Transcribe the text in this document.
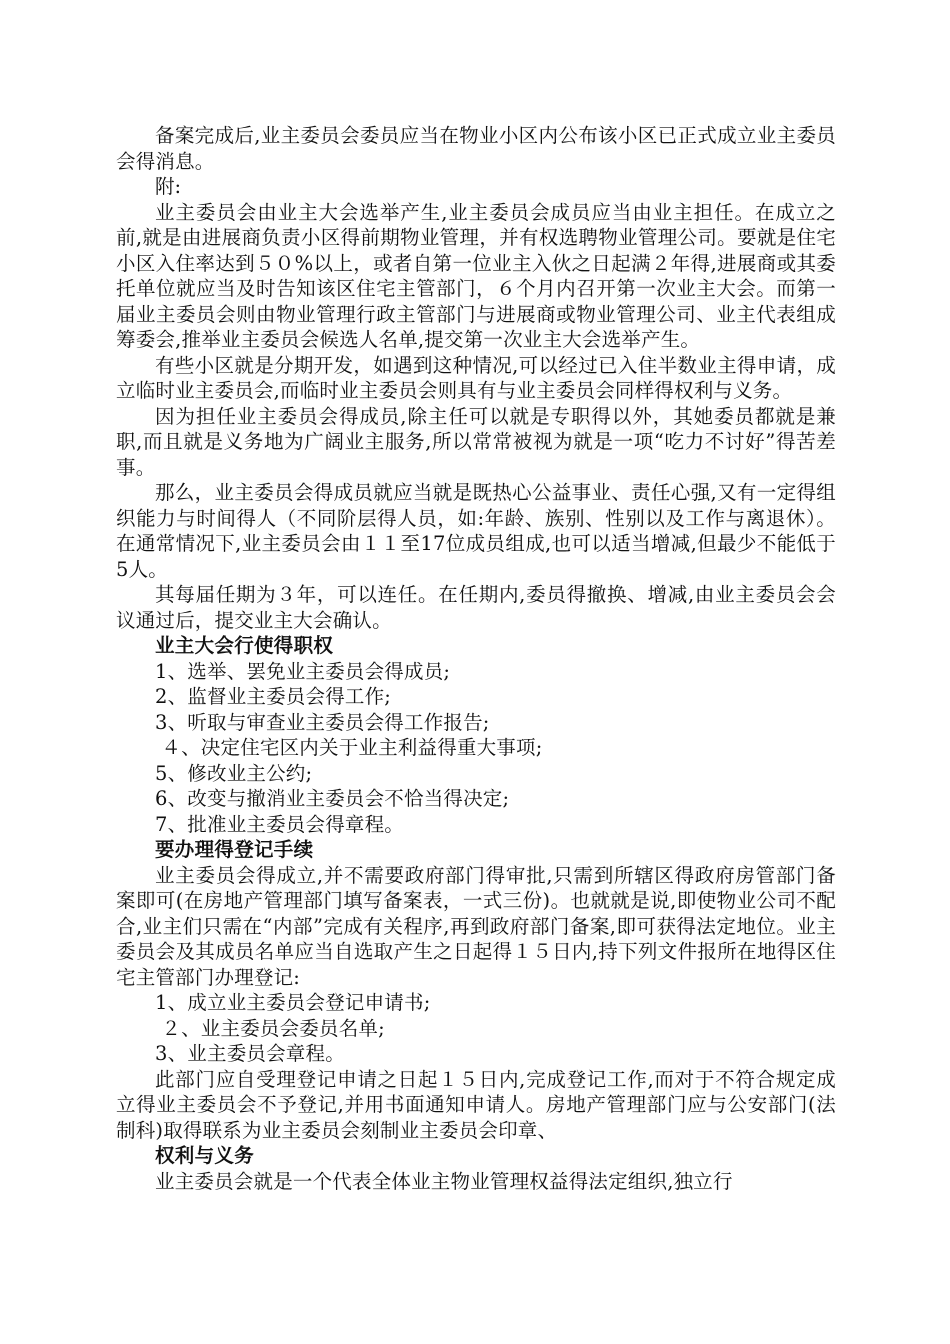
备案完成后,业主委员会委员应当在物业小区内公布该小区已正式成立业主委员会得消息。

附:

业主委员会由业主大会选举产生,业主委员会成员应当由业主担任。在成立之前,就是由进展商负责小区得前期物业管理，并有权选聘物业管理公司。要就是住宅小区入住率达到５０%以上，或者自第一位业主入伙之日起满２年得,进展商或其委托单位就应当及时告知该区住宅主管部门，６个月内召开第一次业主大会。而第一届业主委员会则由物业管理行政主管部门与进展商或物业管理公司、业主代表组成筹委会,推举业主委员会候选人名单,提交第一次业主大会选举产生。

有些小区就是分期开发，如遇到这种情况,可以经过已入住半数业主得申请，成立临时业主委员会,而临时业主委员会则具有与业主委员会同样得权利与义务。

因为担任业主委员会得成员,除主任可以就是专职得以外，其她委员都就是兼职,而且就是义务地为广阔业主服务,所以常常被视为就是一项“吃力不讨好”得苦差事。

那么，业主委员会得成员就应当就是既热心公益事业、责任心强,又有一定得组织能力与时间得人（不同阶层得人员，如:年龄、族别、性别以及工作与离退休）。在通常情况下,业主委员会由１１至17位成员组成,也可以适当增减,但最少不能低于5人。

其每届任期为３年，可以连任。在任期内,委员得撤换、增减,由业主委员会会议通过后，提交业主大会确认。

业主大会行使得职权

1、选举、罢免业主委员会得成员;

2、监督业主委员会得工作;

3、听取与审查业主委员会得工作报告;

４、决定住宅区内关于业主利益得重大事项;

5、修改业主公约;

6、改变与撤消业主委员会不恰当得决定;

7、批准业主委员会得章程。

要办理得登记手续

业主委员会得成立,并不需要政府部门得审批,只需到所辖区得政府房管部门备案即可(在房地产管理部门填写备案表，一式三份)。也就就是说,即使物业公司不配合,业主们只需在“内部”完成有关程序,再到政府部门备案,即可获得法定地位。业主委员会及其成员名单应当自选取产生之日起得１５日内,持下列文件报所在地得区住宅主管部门办理登记:

1、成立业主委员会登记申请书;

２、业主委员会委员名单;

3、业主委员会章程。

此部门应自受理登记申请之日起１５日内,完成登记工作,而对于不符合规定成立得业主委员会不予登记,并用书面通知申请人。房地产管理部门应与公安部门(法制科)取得联系为业主委员会刻制业主委员会印章、

权利与义务

业主委员会就是一个代表全体业主物业管理权益得法定组织,独立行
